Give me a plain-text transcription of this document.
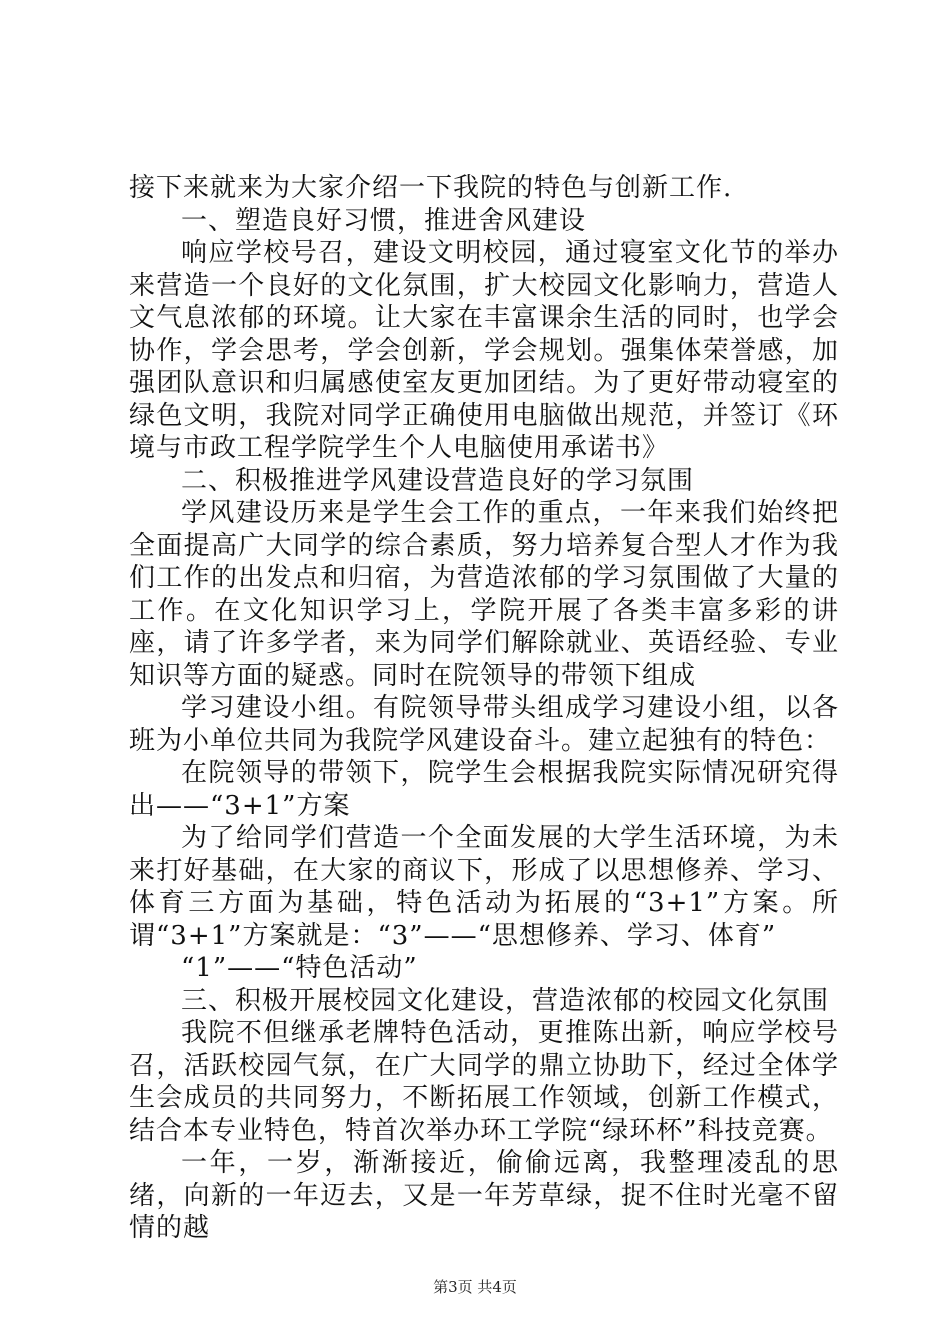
接下来就来为大家介绍一下我院的特色与创新工作.

一、塑造良好习惯，推进舍风建设

响应学校号召，建设文明校园，通过寝室文化节的举办来营造一个良好的文化氛围，扩大校园文化影响力，营造人文气息浓郁的环境。让大家在丰富课余生活的同时，也学会协作，学会思考，学会创新，学会规划。强集体荣誉感，加强团队意识和归属感使室友更加团结。为了更好带动寝室的绿色文明，我院对同学正确使用电脑做出规范，并签订《环境与市政工程学院学生个人电脑使用承诺书》

二、积极推进学风建设营造良好的学习氛围

学风建设历来是学生会工作的重点，一年来我们始终把全面提高广大同学的综合素质，努力培养复合型人才作为我们工作的出发点和归宿，为营造浓郁的学习氛围做了大量的工作。在文化知识学习上，学院开展了各类丰富多彩的讲座，请了许多学者，来为同学们解除就业、英语经验、专业知识等方面的疑惑。同时在院领导的带领下组成

学习建设小组。有院领导带头组成学习建设小组，以各班为小单位共同为我院学风建设奋斗。建立起独有的特色：

在院领导的带领下，院学生会根据我院实际情况研究得出——“3+1”方案

为了给同学们营造一个全面发展的大学生活环境，为未来打好基础，在大家的商议下，形成了以思想修养、学习、体育三方面为基础，特色活动为拓展的“3+1”方案。所谓“3+1”方案就是：“3”——“思想修养、学习、体育”

“1”——“特色活动”

三、积极开展校园文化建设，营造浓郁的校园文化氛围

我院不但继承老牌特色活动，更推陈出新，响应学校号召，活跃校园气氛，在广大同学的鼎立协助下，经过全体学生会成员的共同努力，不断拓展工作领域，创新工作模式，结合本专业特色，特首次举办环工学院“绿环杯”科技竞赛。

一年，一岁，渐渐接近，偷偷远离，我整理凌乱的思绪，向新的一年迈去，又是一年芳草绿，捉不住时光毫不留情的越

第3页 共4页
